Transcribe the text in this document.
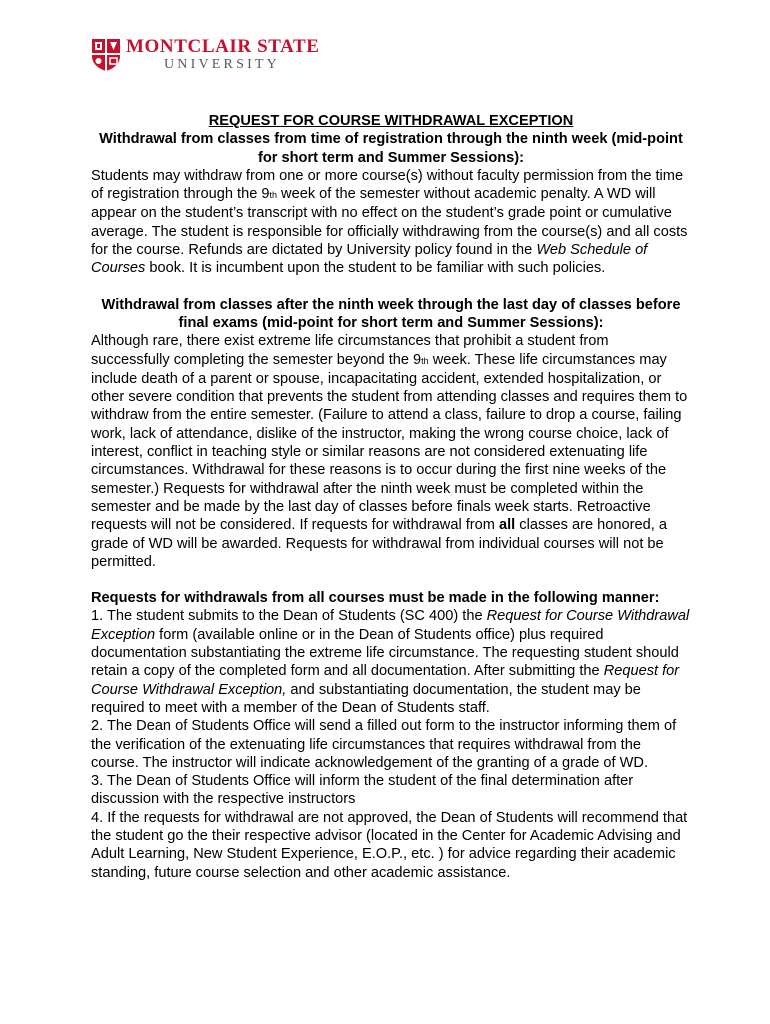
MONTCLAIR STATE
UNIVERSITY

REQUEST FOR COURSE WITHDRAWAL EXCEPTION

Withdrawal from classes from time of registration through the ninth week (mid-point for short term and Summer Sessions):

Students may withdraw from one or more course(s) without faculty permission from the time of registration through the 9th week of the semester without academic penalty. A WD will appear on the student’s transcript with no effect on the student’s grade point or cumulative average. The student is responsible for officially withdrawing from the course(s) and all costs for the course. Refunds are dictated by University policy found in the Web Schedule of Courses book. It is incumbent upon the student to be familiar with such policies.

Withdrawal from classes after the ninth week through the last day of classes before final exams (mid-point for short term and Summer Sessions):

Although rare, there exist extreme life circumstances that prohibit a student from successfully completing the semester beyond the 9th week. These life circumstances may include death of a parent or spouse, incapacitating accident, extended hospitalization, or other severe condition that prevents the student from attending classes and requires them to withdraw from the entire semester. (Failure to attend a class, failure to drop a course, failing work, lack of attendance, dislike of the instructor, making the wrong course choice, lack of interest, conflict in teaching style or similar reasons are not considered extenuating life circumstances. Withdrawal for these reasons is to occur during the first nine weeks of the semester.) Requests for withdrawal after the ninth week must be completed within the semester and be made by the last day of classes before finals week starts. Retroactive requests will not be considered. If requests for withdrawal from all classes are honored, a grade of WD will be awarded. Requests for withdrawal from individual courses will not be permitted.

Requests for withdrawals from all courses must be made in the following manner:

1. The student submits to the Dean of Students (SC 400) the Request for Course Withdrawal Exception form (available online or in the Dean of Students office) plus required documentation substantiating the extreme life circumstance. The requesting student should retain a copy of the completed form and all documentation. After submitting the Request for Course Withdrawal Exception, and substantiating documentation, the student may be required to meet with a member of the Dean of Students staff.

2. The Dean of Students Office will send a filled out form to the instructor informing them of the verification of the extenuating life circumstances that requires withdrawal from the course. The instructor will indicate acknowledgement of the granting of a grade of WD.

3. The Dean of Students Office will inform the student of the final determination after discussion with the respective instructors

4. If the requests for withdrawal are not approved, the Dean of Students will recommend that the student go the their respective advisor (located in the Center for Academic Advising and Adult Learning, New Student Experience, E.O.P., etc. ) for advice regarding their academic standing, future course selection and other academic assistance.
